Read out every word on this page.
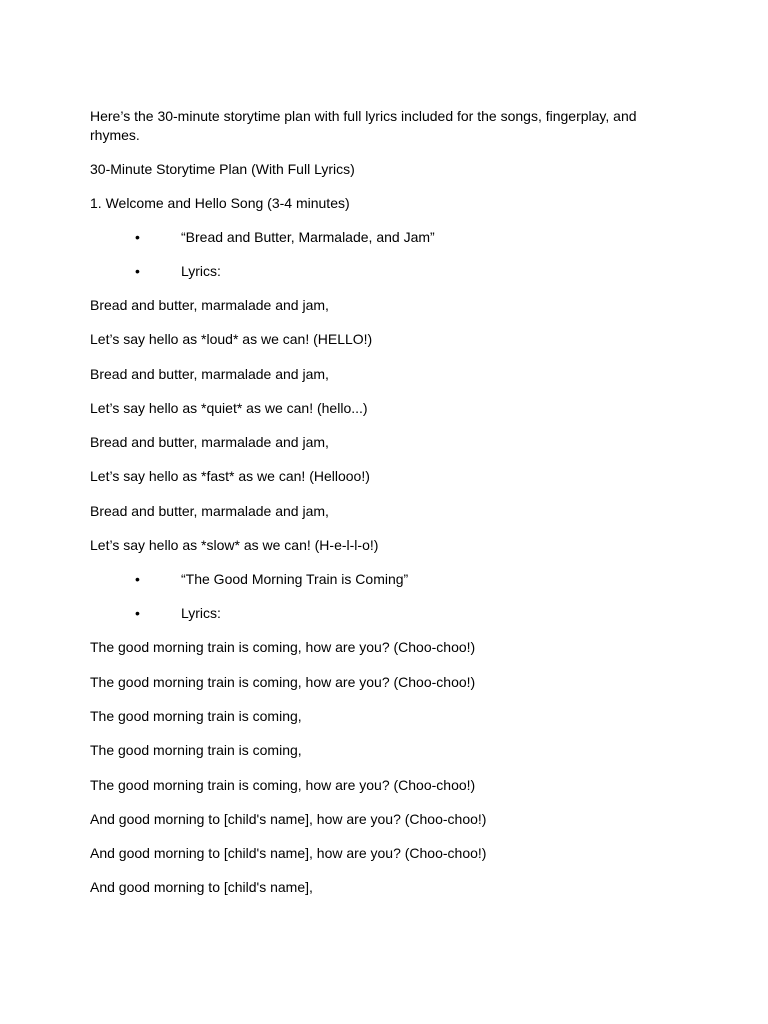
Here’s the 30-minute storytime plan with full lyrics included for the songs, fingerplay, and rhymes.

30-Minute Storytime Plan (With Full Lyrics)

1. Welcome and Hello Song (3-4 minutes)

•	“Bread and Butter, Marmalade, and Jam”
•	Lyrics:

Bread and butter, marmalade and jam,

Let’s say hello as *loud* as we can! (HELLO!)

Bread and butter, marmalade and jam,

Let’s say hello as *quiet* as we can! (hello...)

Bread and butter, marmalade and jam,

Let’s say hello as *fast* as we can! (Hellooo!)

Bread and butter, marmalade and jam,

Let’s say hello as *slow* as we can! (H-e-l-l-o!)

•	“The Good Morning Train is Coming”
•	Lyrics:

The good morning train is coming, how are you? (Choo-choo!)

The good morning train is coming, how are you? (Choo-choo!)

The good morning train is coming,

The good morning train is coming,

The good morning train is coming, how are you? (Choo-choo!)

And good morning to [child's name], how are you? (Choo-choo!)

And good morning to [child's name], how are you? (Choo-choo!)

And good morning to [child's name],
